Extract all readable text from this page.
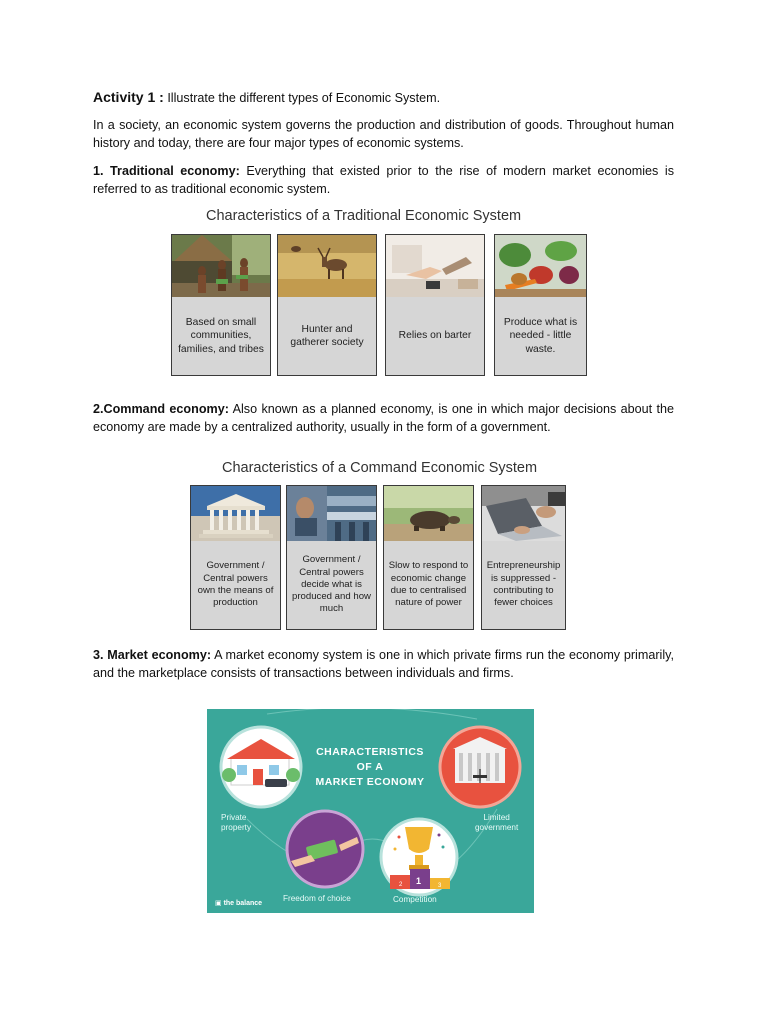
Activity 1 : Illustrate the different types of Economic System.
In a society, an economic system governs the production and distribution of goods. Throughout human history and today, there are four major types of economic systems.
1. Traditional economy: Everything that existed prior to the rise of modern market economies is referred to as traditional economic system.
Characteristics of a Traditional Economic System
Based on small communities, families, and tribes
Hunter and gatherer society
Relies on barter
Produce what is needed - little waste.
2.Command economy: Also known as a planned economy, is one in which major decisions about the economy are made by a centralized authority, usually in the form of a government.
Characteristics of a Command Economic System
Government / Central powers own the means of production
Government / Central powers decide what is produced and how much
Slow to respond to economic change due to centralised nature of power
Entrepreneurship is suppressed - contributing to fewer choices
3. Market economy: A market economy system is one in which private firms run the economy primarily, and the marketplace consists of transactions between individuals and firms.
2 1	3
CHARACTERISTICS
OF A
MARKET ECONOMY
Private
property
Limited
government
Freedom of choice	Competition
▣ the balance
